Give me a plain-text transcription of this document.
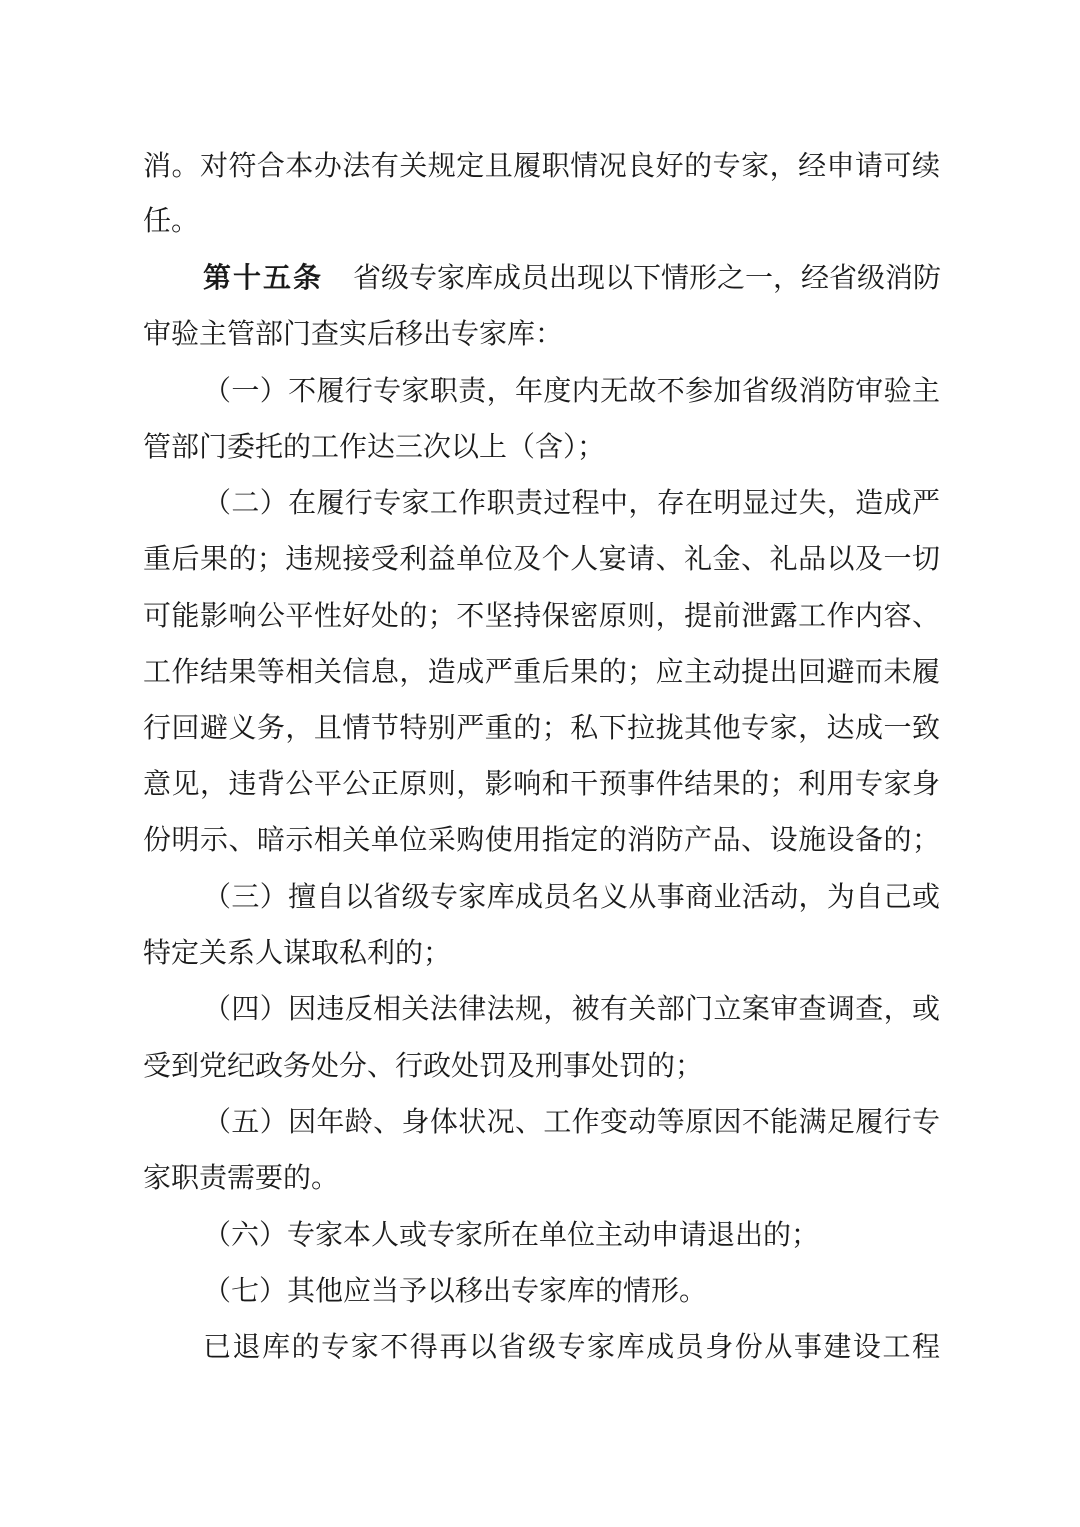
消。对符合本办法有关规定且履职情况良好的专家，经申请可续
任。
第十五条 省级专家库成员出现以下情形之一，经省级消防
审验主管部门查实后移出专家库：
（一）不履行专家职责，年度内无故不参加省级消防审验主
管部门委托的工作达三次以上（含）；
（二）在履行专家工作职责过程中，存在明显过失，造成严
重后果的；违规接受利益单位及个人宴请、礼金、礼品以及一切
可能影响公平性好处的；不坚持保密原则，提前泄露工作内容、
工作结果等相关信息，造成严重后果的；应主动提出回避而未履
行回避义务，且情节特别严重的；私下拉拢其他专家，达成一致
意见，违背公平公正原则，影响和干预事件结果的；利用专家身
份明示、暗示相关单位采购使用指定的消防产品、设施设备的；
（三）擅自以省级专家库成员名义从事商业活动，为自己或
特定关系人谋取私利的；
（四）因违反相关法律法规，被有关部门立案审查调查，或
受到党纪政务处分、行政处罚及刑事处罚的；
（五）因年龄、身体状况、工作变动等原因不能满足履行专
家职责需要的。
（六）专家本人或专家所在单位主动申请退出的；
（七）其他应当予以移出专家库的情形。
已退库的专家不得再以省级专家库成员身份从事建设工程
